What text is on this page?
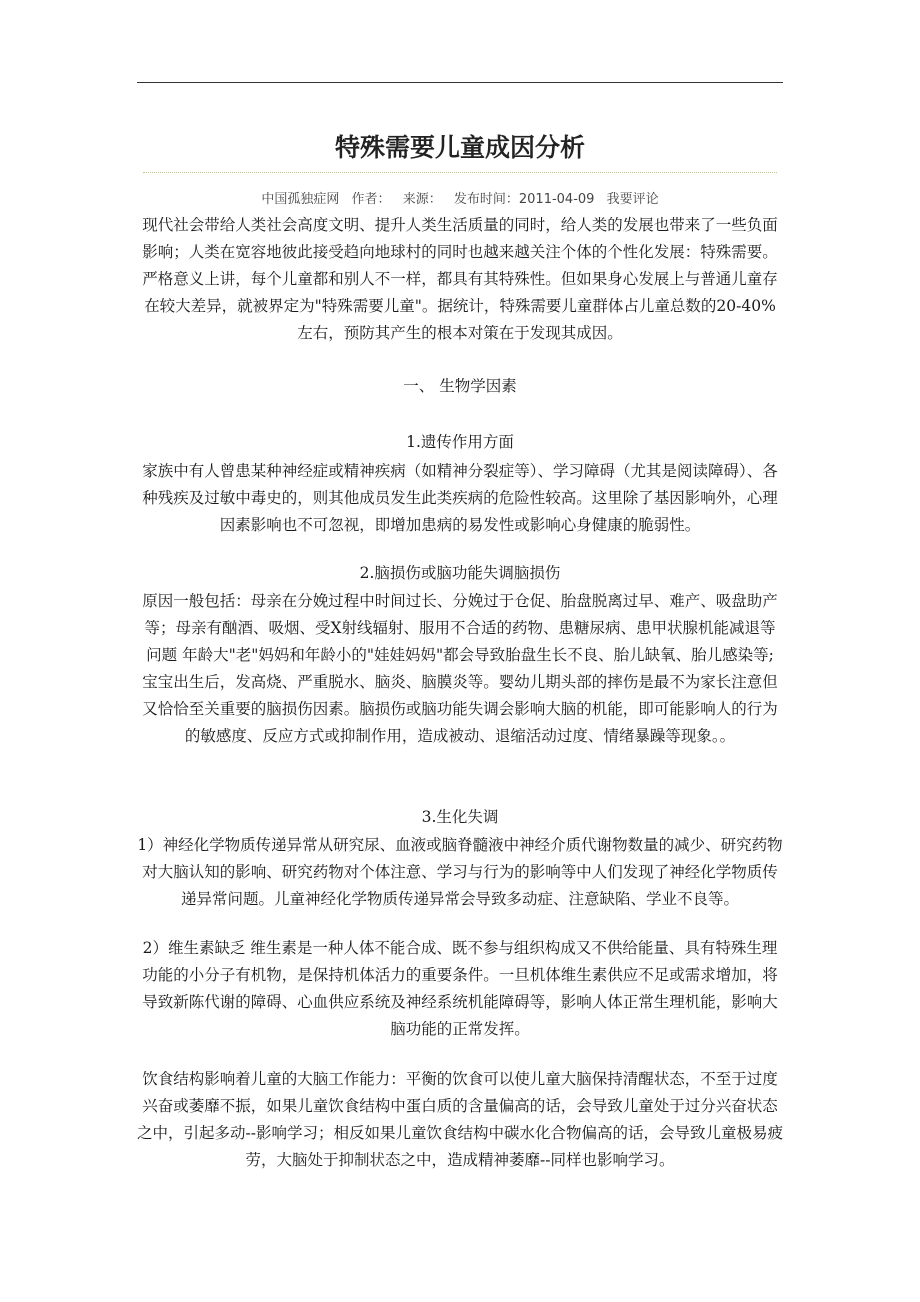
特殊需要儿童成因分析
中国孤独症网 作者： 来源： 发布时间：2011-04-09 我要评论
现代社会带给人类社会高度文明、提升人类生活质量的同时，给人类的发展也带来了一些负面影响；人类在宽容地彼此接受趋向地球村的同时也越来越关注个体的个性化发展：特殊需要。严格意义上讲，每个儿童都和别人不一样，都具有其特殊性。但如果身心发展上与普通儿童存在较大差异，就被界定为"特殊需要儿童"。据统计，特殊需要儿童群体占儿童总数的20-40%左右，预防其产生的根本对策在于发现其成因。
一、 生物学因素
1.遗传作用方面
家族中有人曾患某种神经症或精神疾病（如精神分裂症等）、学习障碍（尤其是阅读障碍）、各种残疾及过敏中毒史的，则其他成员发生此类疾病的危险性较高。这里除了基因影响外，心理因素影响也不可忽视，即增加患病的易发性或影响心身健康的脆弱性。
2.脑损伤或脑功能失调脑损伤
原因一般包括：母亲在分娩过程中时间过长、分娩过于仓促、胎盘脱离过早、难产、吸盘助产等；母亲有酗酒、吸烟、受X射线辐射、服用不合适的药物、患糖尿病、患甲状腺机能减退等问题 年龄大"老"妈妈和年龄小的"娃娃妈妈"都会导致胎盘生长不良、胎儿缺氧、胎儿感染等; 宝宝出生后，发高烧、严重脱水、脑炎、脑膜炎等。婴幼儿期头部的摔伤是最不为家长注意但又恰恰至关重要的脑损伤因素。脑损伤或脑功能失调会影响大脑的机能，即可能影响人的行为的敏感度、反应方式或抑制作用，造成被动、退缩活动过度、情绪暴躁等现象。。
3.生化失调
1）神经化学物质传递异常从研究尿、血液或脑脊髓液中神经介质代谢物数量的减少、研究药物对大脑认知的影响、研究药物对个体注意、学习与行为的影响等中人们发现了神经化学物质传递异常问题。儿童神经化学物质传递异常会导致多动症、注意缺陷、学业不良等。
2）维生素缺乏 维生素是一种人体不能合成、既不参与组织构成又不供给能量、具有特殊生理功能的小分子有机物，是保持机体活力的重要条件。一旦机体维生素供应不足或需求增加，将导致新陈代谢的障碍、心血供应系统及神经系统机能障碍等，影响人体正常生理机能，影响大脑功能的正常发挥。
饮食结构影响着儿童的大脑工作能力：平衡的饮食可以使儿童大脑保持清醒状态，不至于过度兴奋或萎靡不振，如果儿童饮食结构中蛋白质的含量偏高的话，会导致儿童处于过分兴奋状态之中，引起多动--影响学习；相反如果儿童饮食结构中碳水化合物偏高的话，会导致儿童极易疲劳，大脑处于抑制状态之中，造成精神萎靡--同样也影响学习。
